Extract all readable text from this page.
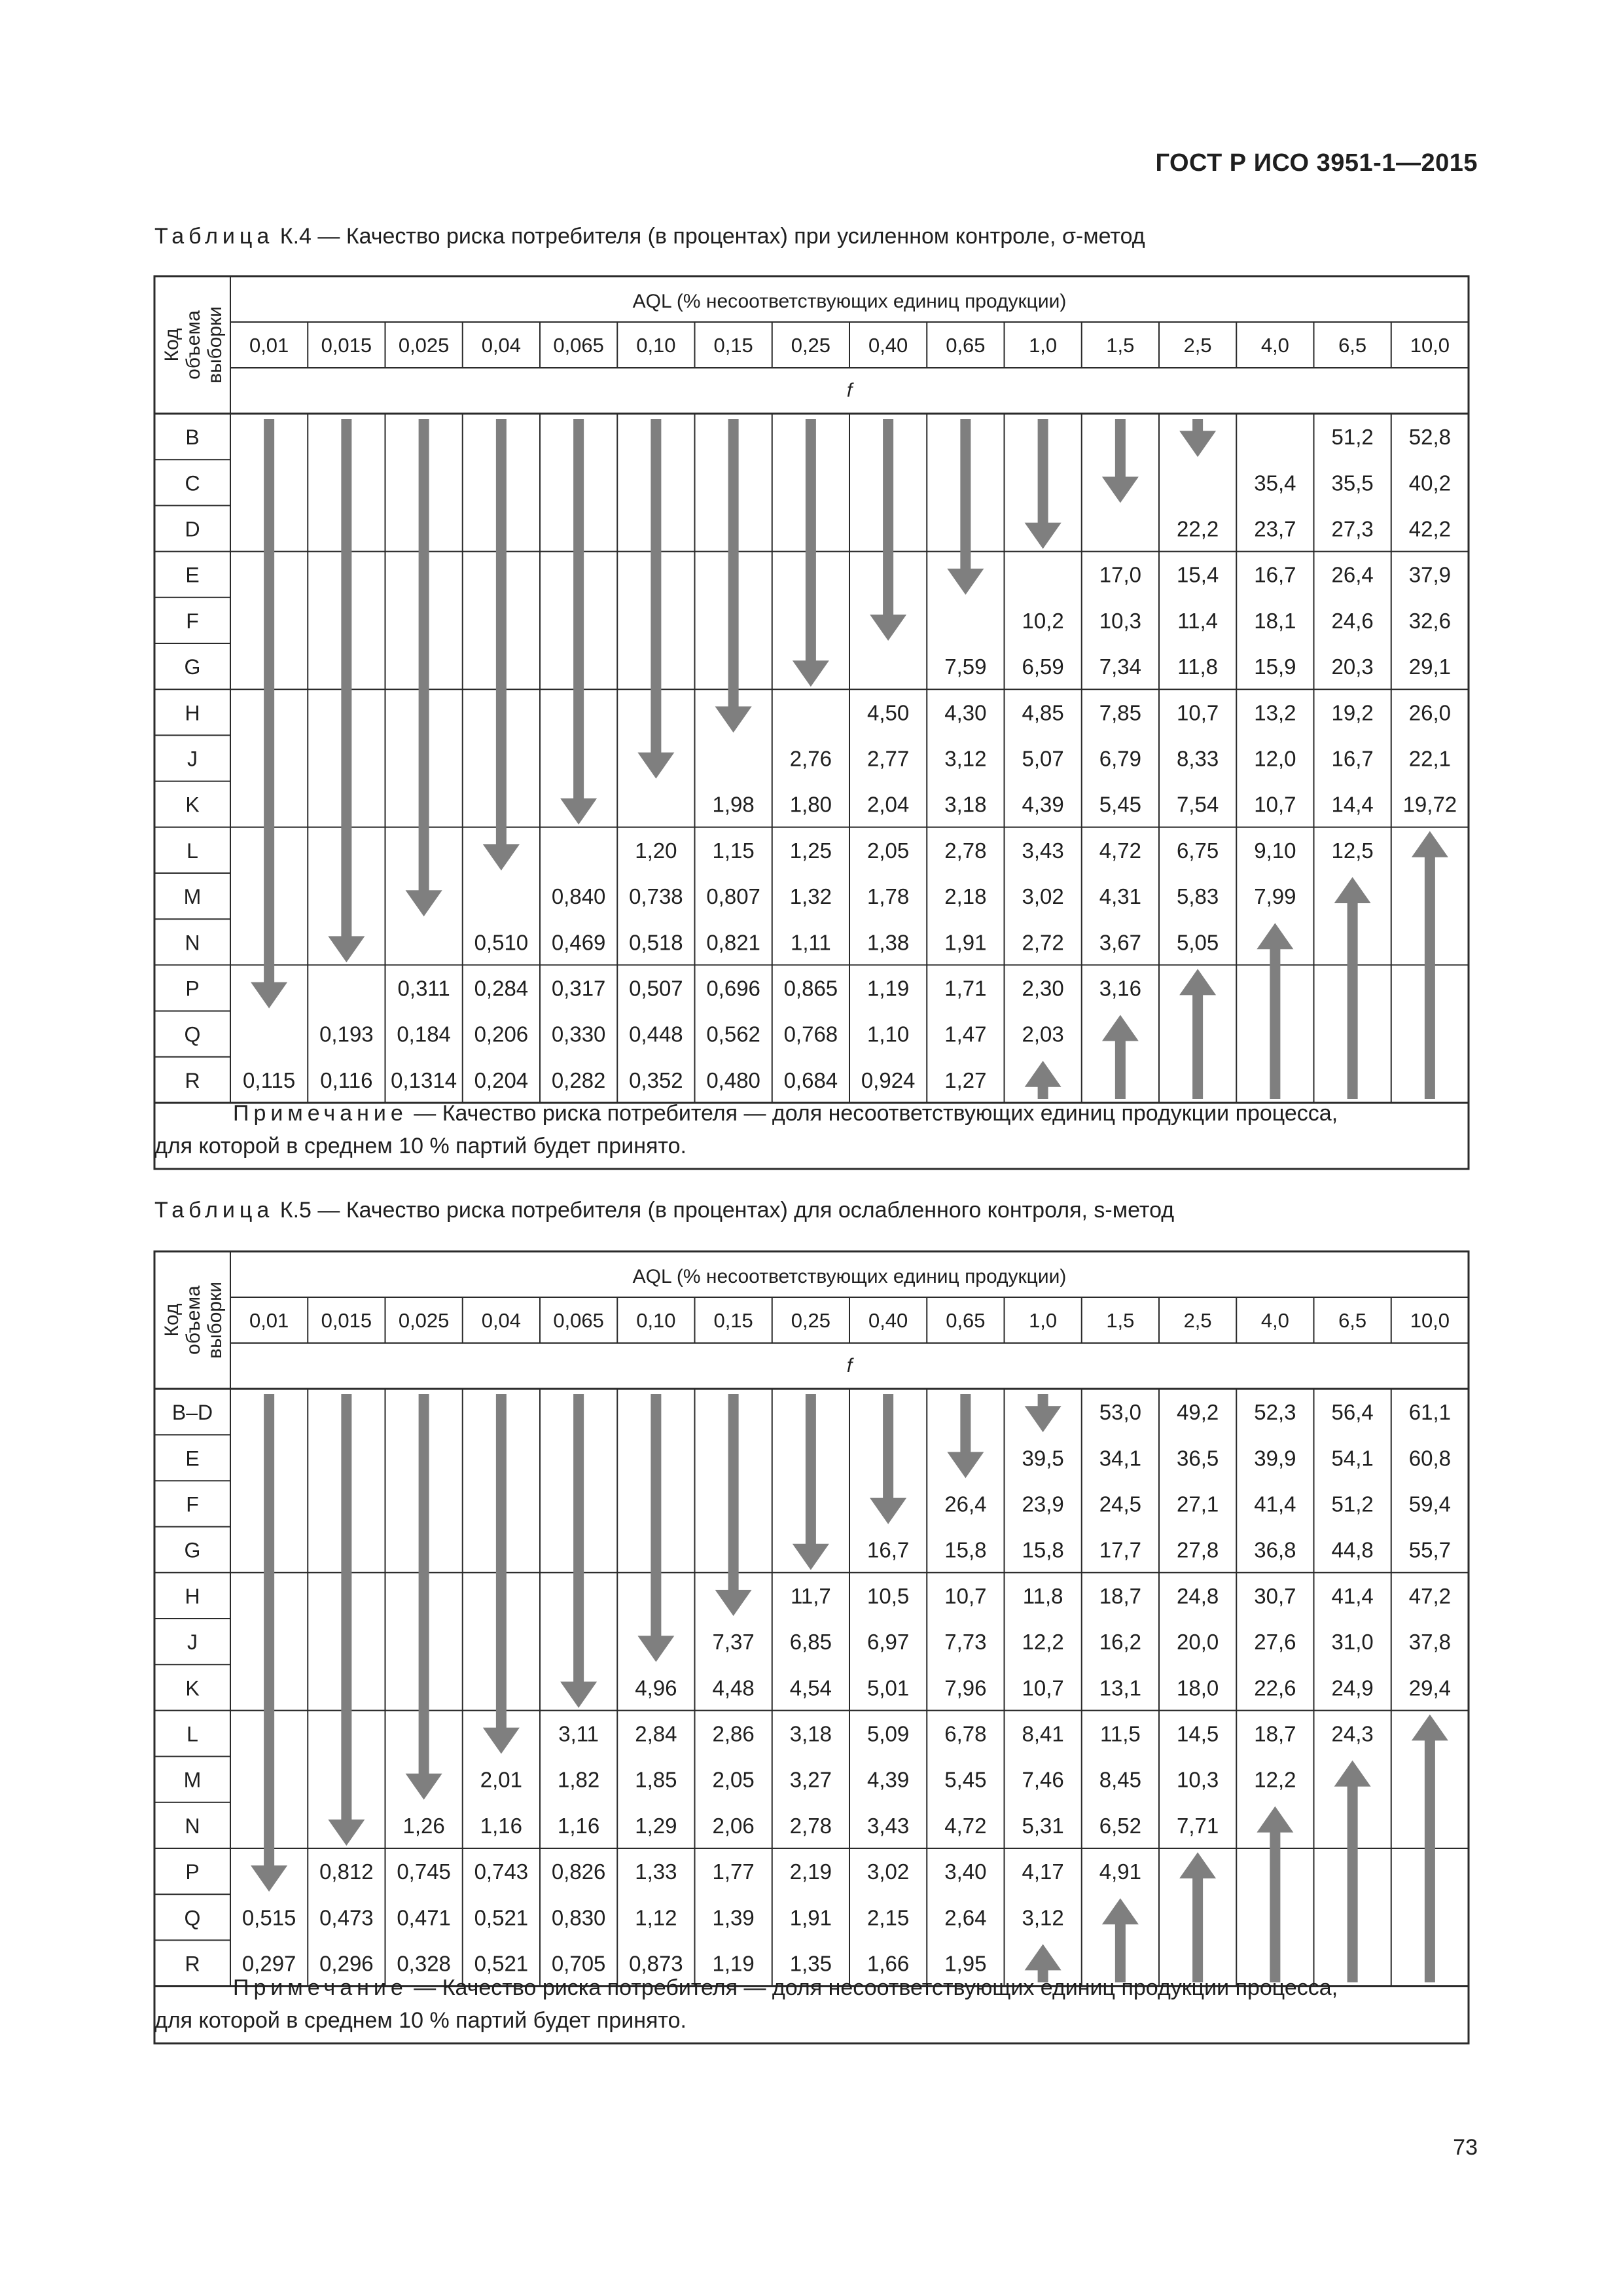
ГОСТ Р ИСО 3951-1—2015
Таблица К.4 — Качество риска потребителя (в процентах) при усиленном контроле, σ-метод
Код объема выборки
AQL (% несоответствующих единиц продукции)
0,01 0,015 0,025 0,04 0,065 0,10 0,15 0,25 0,40 0,65 1,0 1,5 2,5 4,0 6,5 10,0
f
B
C
D
E
F
G
H
J
K
L
M
N
P
Q
R
51,2 52,8
35,4 35,5 40,2
22,2 23,7 27,3 42,2
17,0 15,4 16,7 26,4 37,9
10,2 10,3 11,4 18,1 24,6 32,6
7,59 6,59 7,34 11,8 15,9 20,3 29,1
4,50 4,30 4,85 7,85 10,7 13,2 19,2 26,0
2,76 2,77 3,12 5,07 6,79 8,33 12,0 16,7 22,1
1,98 1,80 2,04 3,18 4,39 5,45 7,54 10,7 14,4 19,72
1,20 1,15 1,25 2,05 2,78 3,43 4,72 6,75 9,10 12,5
0,840 0,738 0,807 1,32 1,78 2,18 3,02 4,31 5,83 7,99
0,510 0,469 0,518 0,821 1,11 1,38 1,91 2,72 3,67 5,05
0,311 0,284 0,317 0,507 0,696 0,865 1,19 1,71 2,30 3,16
0,193 0,184 0,206 0,330 0,448 0,562 0,768 1,10 1,47 2,03
0,115 0,116 0,1314 0,204 0,282 0,352 0,480 0,684 0,924 1,27
Примечание — Качество риска потребителя — доля несоответствующих единиц продукции процесса,
для которой в среднем 10 % партий будет принято.
Таблица К.5 — Качество риска потребителя (в процентах) для ослабленного контроля, s-метод
Код объема выборки
AQL (% несоответствующих единиц продукции)
0,01 0,015 0,025 0,04 0,065 0,10 0,15 0,25 0,40 0,65 1,0 1,5 2,5 4,0 6,5 10,0
f
B–D
E
F
G
H
J
K
L
M
N
P
Q
R
53,0 49,2 52,3 56,4 61,1
39,5 34,1 36,5 39,9 54,1 60,8
26,4 23,9 24,5 27,1 41,4 51,2 59,4
16,7 15,8 15,8 17,7 27,8 36,8 44,8 55,7
11,7 10,5 10,7 11,8 18,7 24,8 30,7 41,4 47,2
7,37 6,85 6,97 7,73 12,2 16,2 20,0 27,6 31,0 37,8
4,96 4,48 4,54 5,01 7,96 10,7 13,1 18,0 22,6 24,9 29,4
3,11 2,84 2,86 3,18 5,09 6,78 8,41 11,5 14,5 18,7 24,3
2,01 1,82 1,85 2,05 3,27 4,39 5,45 7,46 8,45 10,3 12,2
1,26 1,16 1,16 1,29 2,06 2,78 3,43 4,72 5,31 6,52 7,71
0,812 0,745 0,743 0,826 1,33 1,77 2,19 3,02 3,40 4,17 4,91
0,515 0,473 0,471 0,521 0,830 1,12 1,39 1,91 2,15 2,64 3,12
0,297 0,296 0,328 0,521 0,705 0,873 1,19 1,35 1,66 1,95
Примечание — Качество риска потребителя — доля несоответствующих единиц продукции процесса,
для которой в среднем 10 % партий будет принято.
73
